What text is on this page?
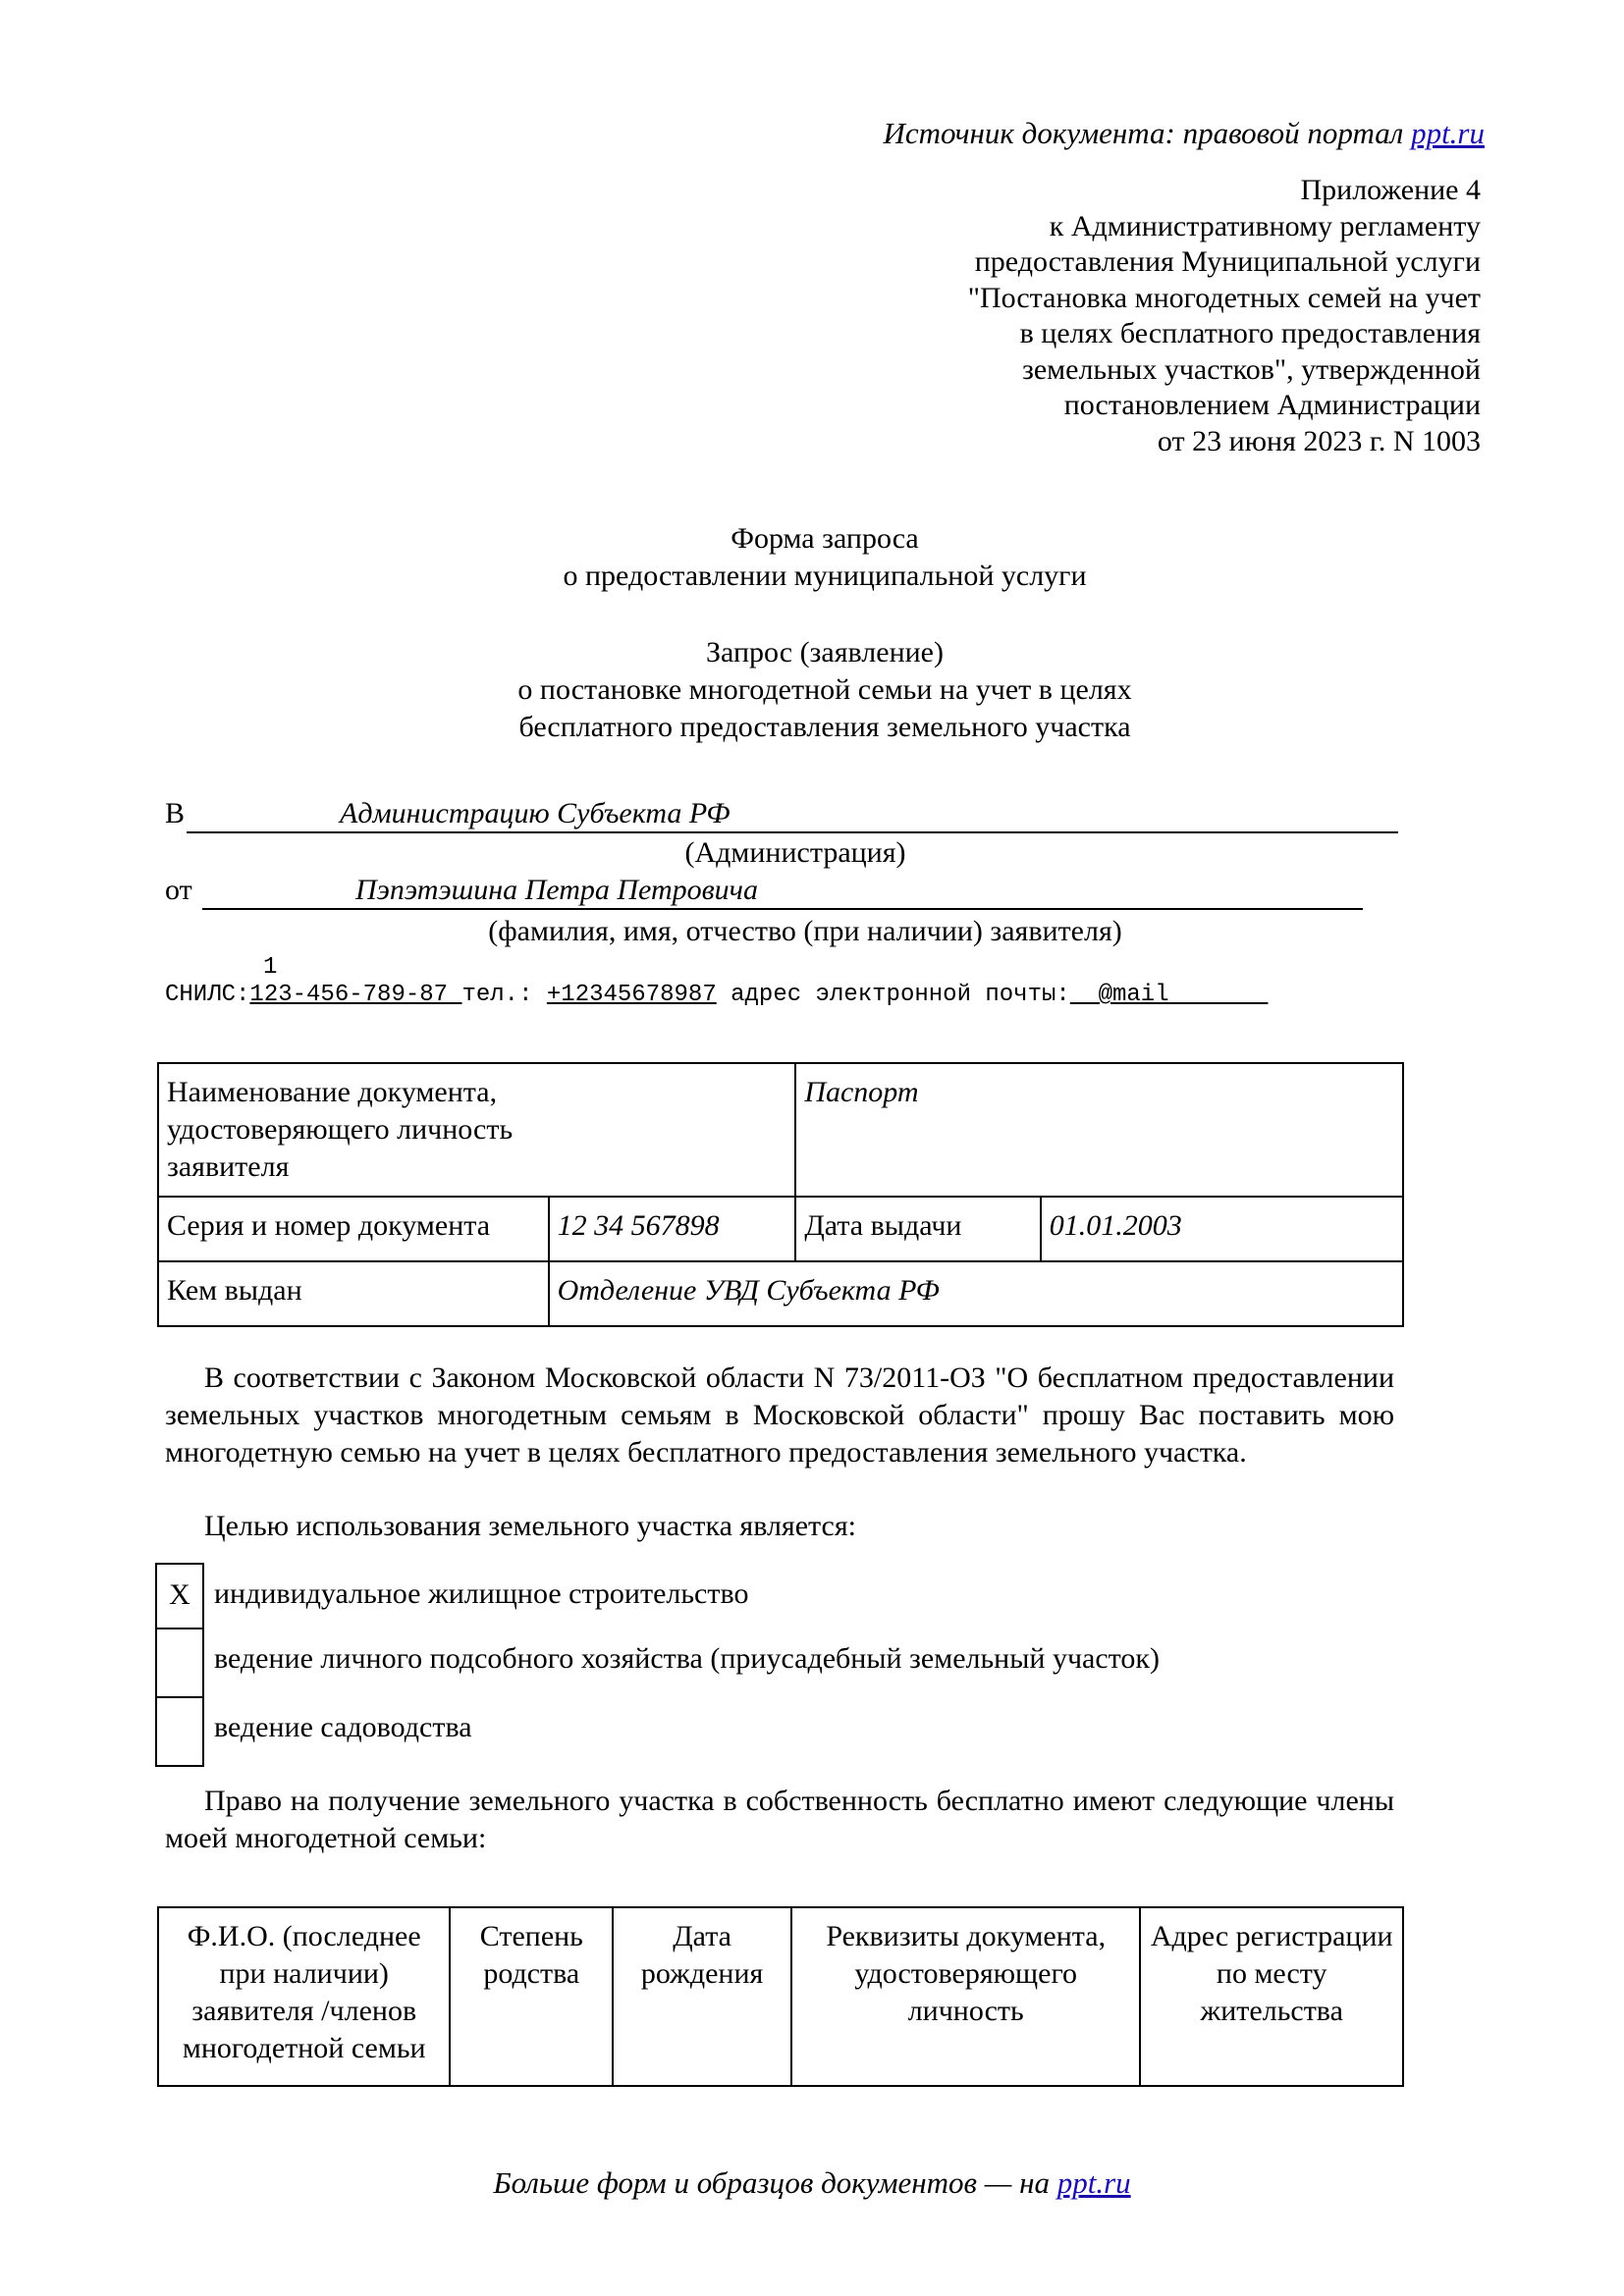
Источник документа: правовой портал ppt.ru
Приложение 4
к Административному регламенту
предоставления Муниципальной услуги
"Постановка многодетных семей на учет
в целях бесплатного предоставления
земельных участков", утвержденной
постановлением Администрации
от 23 июня 2023 г. N 1003
Форма запроса
о предоставлении муниципальной услуги
Запрос (заявление)
о постановке многодетной семьи на учет в целях
бесплатного предоставления земельного участка
В	Администрацию Субъекта РФ
(Администрация)
от	Пэпэтэшина Петра Петровича
(фамилия, имя, отчество (при наличии) заявителя)
1
СНИЛС:123-456-789-87 тел.: +12345678987 адрес электронной почты: @mail
Наименование документа, удостоверяющего личность заявителя		Паспорт	
Серия и номер документа	12 34 567898	Дата выдачи	01.01.2003
Кем выдан	Отделение УВД Субъекта РФ		
В соответствии с Законом Московской области N 73/2011-ОЗ "О бесплатном предоставлении земельных участков многодетным семьям в Московской области" прошу Вас поставить мою многодетную семью на учет в целях бесплатного предоставления земельного участка.
Целью использования земельного участка является:
X	индивидуальное жилищное строительство
	ведение личного подсобного хозяйства (приусадебный земельный участок)
	ведение садоводства
Право на получение земельного участка в собственность бесплатно имеют следующие члены моей многодетной семьи:
Ф.И.О. (последнее при наличии) заявителя /членов многодетной семьи	Степень родства	Дата рождения	Реквизиты документа, удостоверяющего личность	Адрес регистрации по месту жительства
Больше форм и образцов документов — на ppt.ru
